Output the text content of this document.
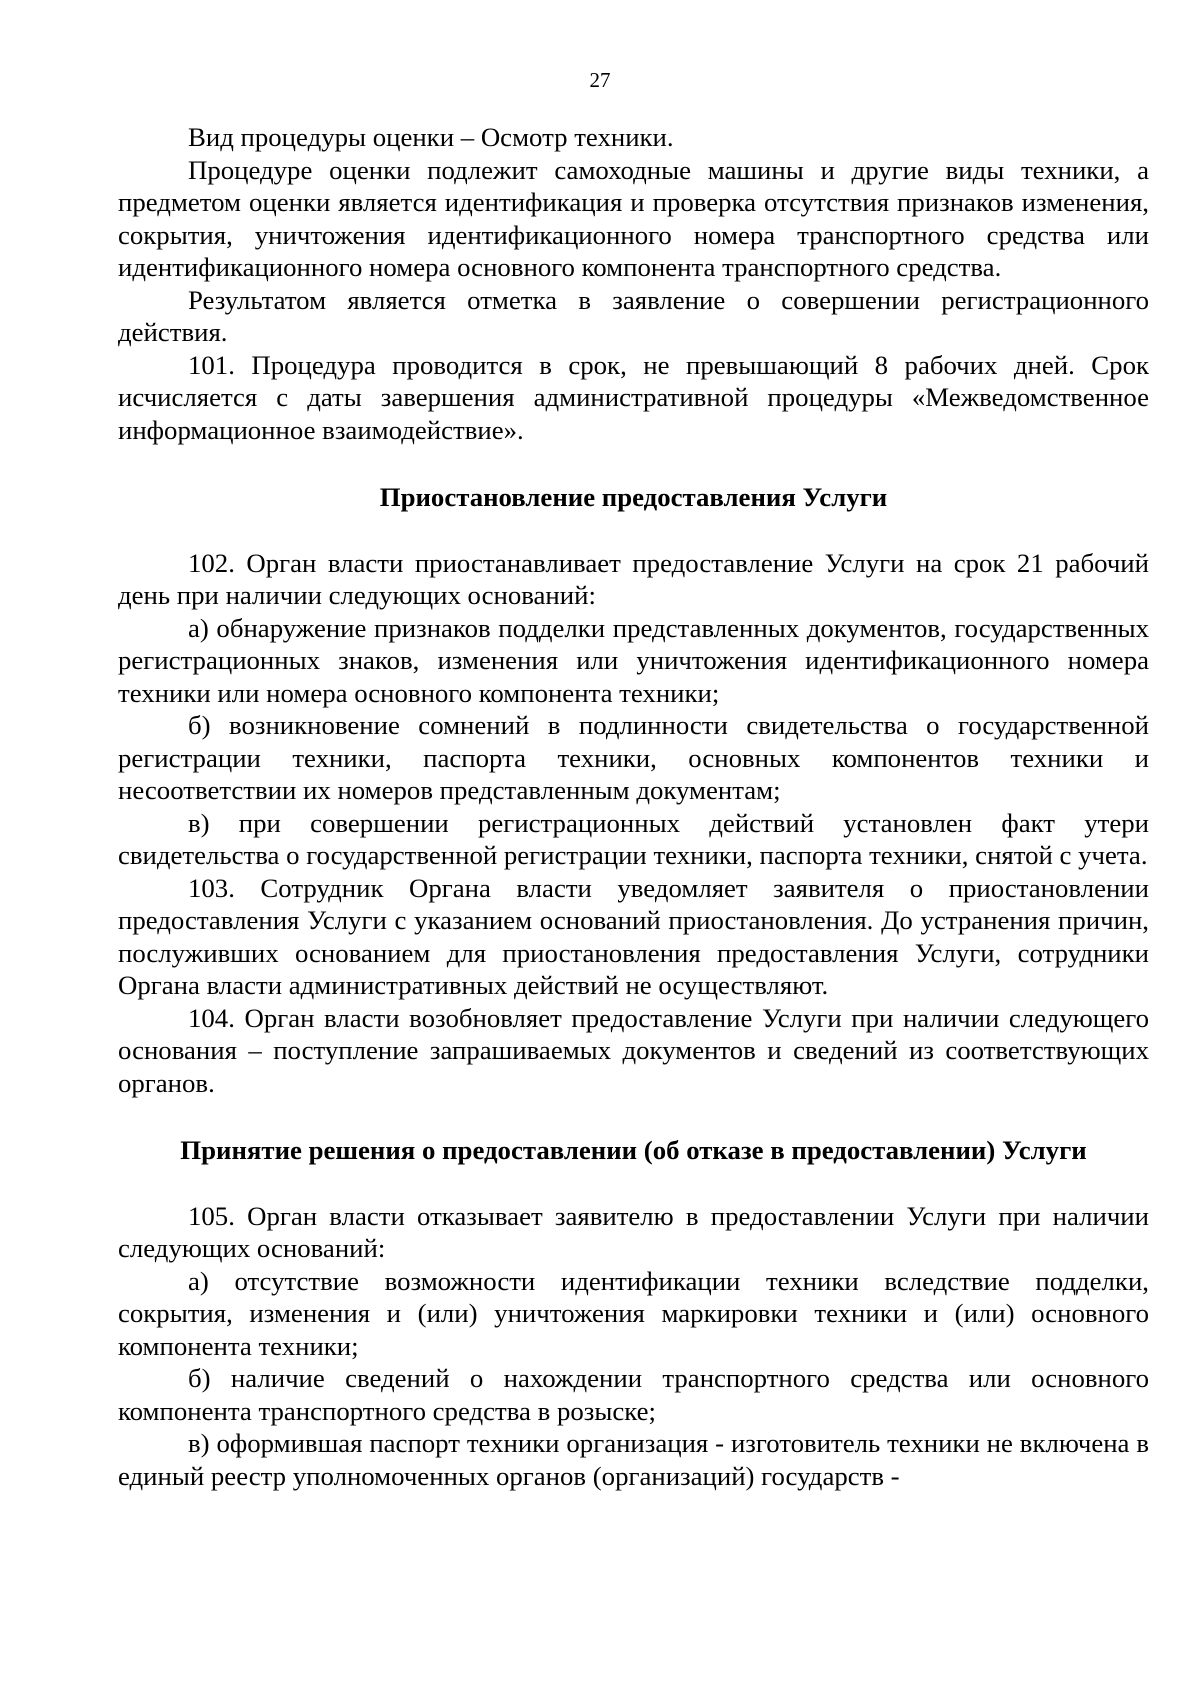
27

Вид процедуры оценки – Осмотр техники.

Процедуре оценки подлежит самоходные машины и другие виды техники, а предметом оценки является идентификация и проверка отсутствия признаков изменения, сокрытия, уничтожения идентификационного номера транспортного средства или идентификационного номера основного компонента транспортного средства.

Результатом является отметка в заявление о совершении регистрационного действия.

101. Процедура проводится в срок, не превышающий 8 рабочих дней. Срок исчисляется с даты завершения административной процедуры «Межведомственное информационное взаимодействие».

Приостановление предоставления Услуги

102. Орган власти приостанавливает предоставление Услуги на срок 21 рабочий день при наличии следующих оснований:

а) обнаружение признаков подделки представленных документов, государственных регистрационных знаков, изменения или уничтожения идентификационного номера техники или номера основного компонента техники;

б) возникновение сомнений в подлинности свидетельства о государственной регистрации техники, паспорта техники, основных компонентов техники и несоответствии их номеров представленным документам;

в) при совершении регистрационных действий установлен факт утери свидетельства о государственной регистрации техники, паспорта техники, снятой с учета.

103. Сотрудник Органа власти уведомляет заявителя о приостановлении предоставления Услуги с указанием оснований приостановления. До устранения причин, послуживших основанием для приостановления предоставления Услуги, сотрудники Органа власти административных действий не осуществляют.

104. Орган власти возобновляет предоставление Услуги при наличии следующего основания – поступление запрашиваемых документов и сведений из соответствующих органов.

Принятие решения о предоставлении (об отказе в предоставлении) Услуги

105. Орган власти отказывает заявителю в предоставлении Услуги при наличии следующих оснований:

а) отсутствие возможности идентификации техники вследствие подделки, сокрытия, изменения и (или) уничтожения маркировки техники и (или) основного компонента техники;

б) наличие сведений о нахождении транспортного средства или основного компонента транспортного средства в розыске;

в) оформившая паспорт техники организация - изготовитель техники не включена в единый реестр уполномоченных органов (организаций) государств -
